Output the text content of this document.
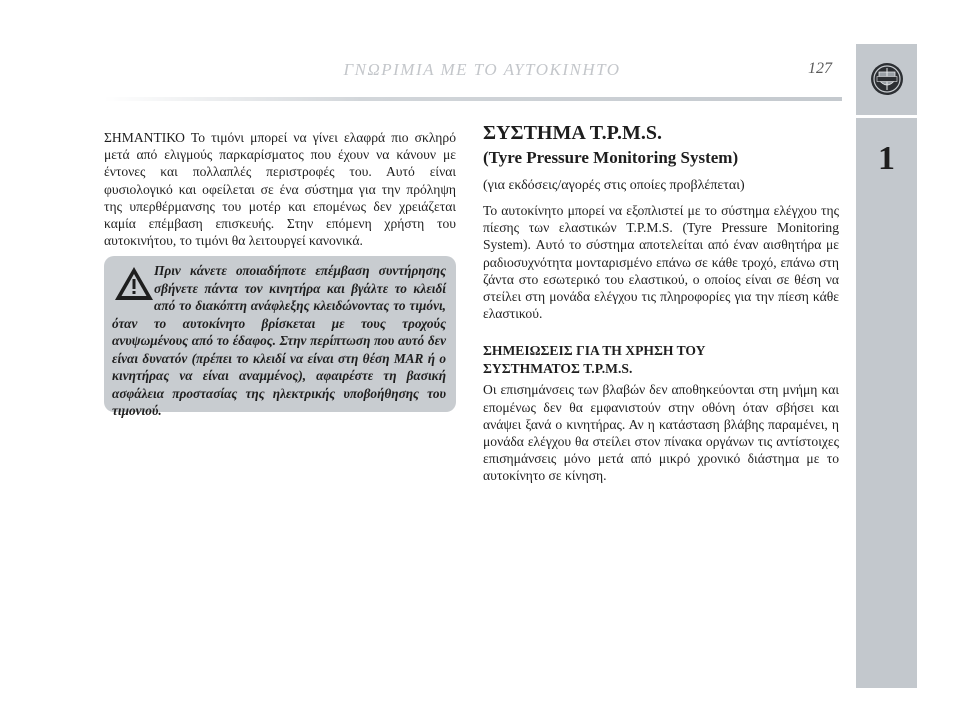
ΓΝΩΡΙΜΙΑ ΜΕ ΤΟ ΑΥΤΟΚΙΝΗΤΟ	127
1

ΣΗΜΑΝΤΙΚΟ Το τιμόνι μπορεί να γίνει ελαφρά πιο σκληρό μετά από ελιγμούς παρκαρίσματος που έχουν να κάνουν με έντονες και πολλαπλές περιστροφές του. Αυτό είναι φυσιολογικό και οφείλεται σε ένα σύστημα για την πρόληψη της υπερθέρμανσης του μοτέρ και επομένως δεν χρειάζεται καμία επέμβαση επισκευής. Στην επόμενη χρήστη του αυτοκινήτου, το τιμόνι θα λειτουργεί κανονικά.

Πριν κάνετε οποιαδήποτε επέμβαση συντήρησης σβήνετε πάντα τον κινητήρα και βγάλτε το κλειδί από το διακόπτη ανάφλεξης κλειδώνοντας το τιμόνι, όταν το αυτοκίνητο βρίσκεται με τους τροχούς ανυψωμένους από το έδαφος. Στην περίπτωση που αυτό δεν είναι δυνατόν (πρέπει το κλειδί να είναι στη θέση MAR ή ο κινητήρας να είναι αναμμένος), αφαιρέστε τη βασική ασφάλεια προστασίας της ηλεκτρικής υποβοήθησης του τιμονιού.
ΣΥΣΤΗΜΑ T.P.M.S.
(Tyre Pressure Monitoring System)

(για εκδόσεις/αγορές στις οποίες προβλέπεται)

Το αυτοκίνητο μπορεί να εξοπλιστεί με το σύστημα ελέγχου της πίεσης των ελαστικών T.P.M.S. (Tyre Pressure Monitoring System). Αυτό το σύστημα αποτελείται από έναν αισθητήρα με ραδιοσυχνότητα μονταρισμένο επάνω σε κάθε τροχό, επάνω στη ζάντα στο εσωτερικό του ελαστικού, ο οποίος είναι σε θέση να στείλει στη μονάδα ελέγχου τις πληροφορίες για την πίεση κάθε ελαστικού.

ΣΗΜΕΙΩΣΕΙΣ ΓΙΑ ΤΗ ΧΡΗΣΗ ΤΟΥ
ΣΥΣΤΗΜΑΤΟΣ T.P.M.S.

Οι επισημάνσεις των βλαβών δεν αποθηκεύονται στη μνήμη και επομένως δεν θα εμφανιστούν στην οθόνη όταν σβήσει και ανάψει ξανά ο κινητήρας. Αν η κατάσταση βλάβης παραμένει, η μονάδα ελέγχου θα στείλει στον πίνακα οργάνων τις αντίστοιχες επισημάνσεις μόνο μετά από μικρό χρονικό διάστημα με το αυτοκίνητο σε κίνηση.
